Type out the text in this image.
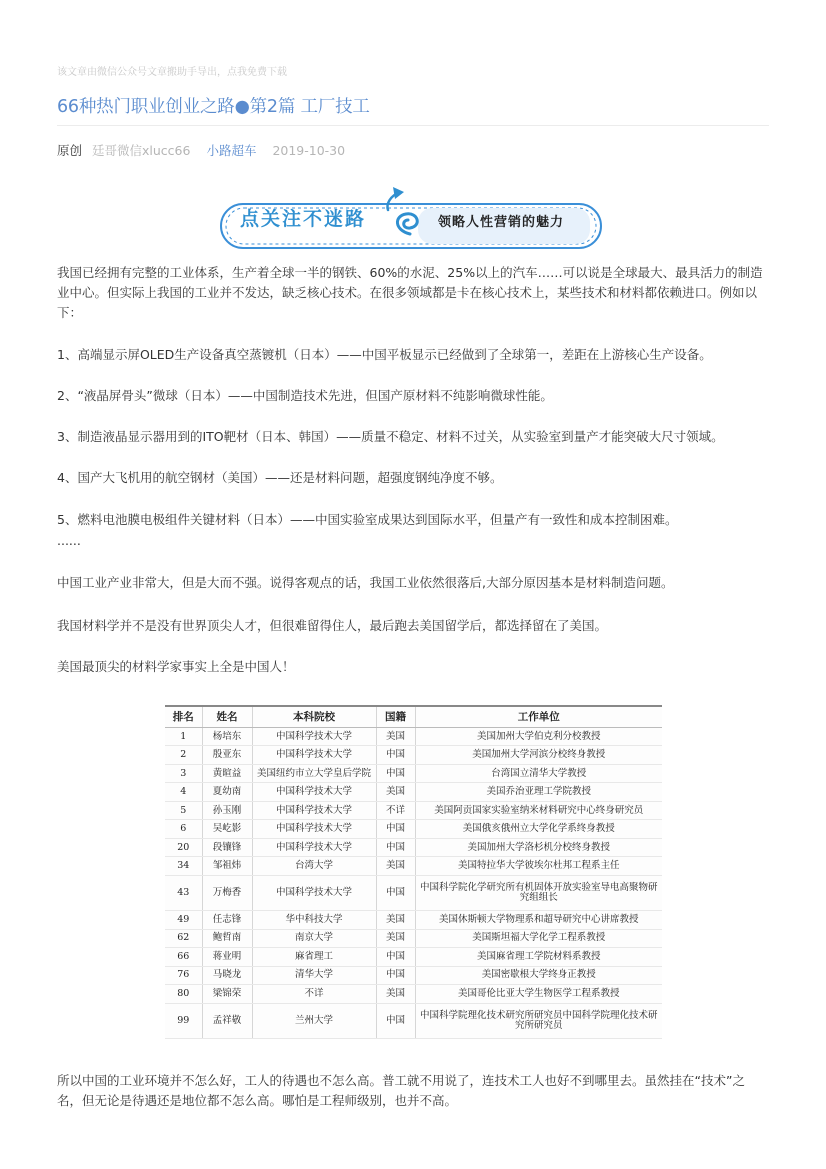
该文章由微信公众号文章搬助手导出，点我免费下载
66种热门职业创业之路●第2篇 工厂技工
原创 廷哥微信xlucc66 小路超车 2019-10-30
点关注不迷路	领略人性营销的魅力
我国已经拥有完整的工业体系，生产着全球一半的钢铁、60%的水泥、25%以上的汽车……可以说是全球最大、最具活力的制造业中心。但实际上我国的工业并不发达，缺乏核心技术。在很多领域都是卡在核心技术上，某些技术和材料都依赖进口。例如以下：
1、高端显示屏OLED生产设备真空蒸镀机（日本）——中国平板显示已经做到了全球第一，差距在上游核心生产设备。
2、“液晶屏骨头”微球（日本）——中国制造技术先进，但国产原材料不纯影响微球性能。
3、制造液晶显示器用到的ITO靶材（日本、韩国）——质量不稳定、材料不过关，从实验室到量产才能突破大尺寸领域。
4、国产大飞机用的航空钢材（美国）——还是材料问题，超强度钢纯净度不够。
5、燃料电池膜电极组件关键材料（日本）——中国实验室成果达到国际水平，但量产有一致性和成本控制困难。
......
中国工业产业非常大，但是大而不强。说得客观点的话，我国工业依然很落后,大部分原因基本是材料制造问题。
我国材料学并不是没有世界顶尖人才，但很难留得住人，最后跑去美国留学后，都选择留在了美国。
美国最顶尖的材料学家事实上全是中国人！
排名	姓名	本科院校	国籍	工作单位
1	杨培东	中国科学技术大学	美国	美国加州大学伯克利分校教授
2	殷亚东	中国科学技术大学	中国	美国加州大学河滨分校终身教授
3	黄暄益	美国纽约市立大学皇后学院	中国	台湾国立清华大学教授
4	夏幼南	中国科学技术大学	美国	美国乔治亚理工学院教授
5	孙玉刚	中国科学技术大学	不详	美国阿贡国家实验室纳米材料研究中心终身研究员
6	吴屹影	中国科学技术大学	中国	美国俄亥俄州立大学化学系终身教授
20	段镶锋	中国科学技术大学	中国	美国加州大学洛杉机分校终身教授
34	邹祖炜	台湾大学	美国	美国特拉华大学彼埃尔杜邦工程系主任
43	万梅香	中国科学技术大学	中国	中国科学院化学研究所有机固体开放实验室导电高聚物研究组组长
49	任志锋	华中科技大学	美国	美国休斯顿大学物理系和超导研究中心讲席教授
62	鲍哲南	南京大学	美国	美国斯坦福大学化学工程系教授
66	蒋业明	麻省理工	中国	美国麻省理工学院材料系教授
76	马晓龙	清华大学	中国	美国密歇根大学终身正教授
80	梁锦荣	不详	美国	美国哥伦比亚大学生物医学工程系教授
99	孟祥敬	兰州大学	中国	中国科学院理化技术研究所研究员中国科学院理化技术研究所研究员
所以中国的工业环境并不怎么好，工人的待遇也不怎么高。普工就不用说了，连技术工人也好不到哪里去。虽然挂在“技术”之名，但无论是待遇还是地位都不怎么高。哪怕是工程师级别，也并不高。
